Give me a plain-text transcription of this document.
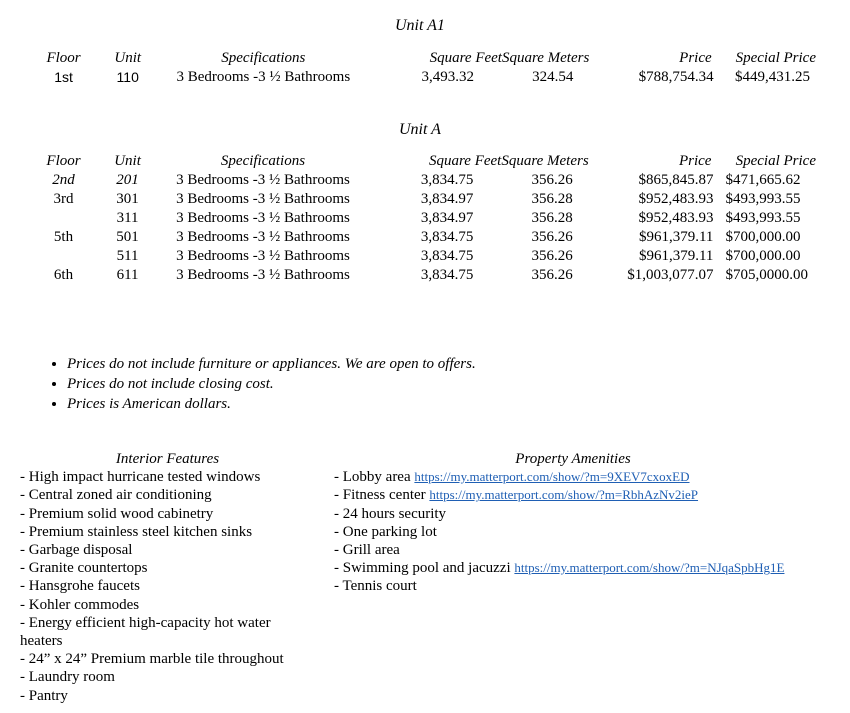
Unit A1
Floor	Unit	Specifications	Square Feet	Square Meters	Price	Special Price
1st	110	3 Bedrooms -3 ½ Bathrooms	3,493.32	324.54	$788,754.34	$449,431.25
Unit A
Floor	Unit	Specifications	Square Feet	Square Meters	Price	Special Price
2nd	201	3 Bedrooms -3 ½ Bathrooms	3,834.75	356.26	$865,845.87	$471,665.62
3rd	301	3 Bedrooms -3 ½ Bathrooms	3,834.97	356.28	$952,483.93	$493,993.55
	311	3 Bedrooms -3 ½ Bathrooms	3,834.97	356.28	$952,483.93	$493,993.55
5th	501	3 Bedrooms -3 ½ Bathrooms	3,834.75	356.26	$961,379.11	$700,000.00
	511	3 Bedrooms -3 ½ Bathrooms	3,834.75	356.26	$961,379.11	$700,000.00
6th	611	3 Bedrooms -3 ½ Bathrooms	3,834.75	356.26	$1,003,077.07	$705,0000.00
• Prices do not include furniture or appliances. We are open to offers.
• Prices do not include closing cost.
• Prices is American dollars.
Interior Features
- High impact hurricane tested windows
- Central zoned air conditioning
- Premium solid wood cabinetry
- Premium stainless steel kitchen sinks
- Garbage disposal
- Granite countertops
- Hansgrohe faucets
- Kohler commodes
- Energy efficient high-capacity hot water heaters
- 24” x 24” Premium marble tile throughout
- Laundry room
- Pantry
Property Amenities
- Lobby area https://my.matterport.com/show/?m=9XEV7cxoxED
- Fitness center https://my.matterport.com/show/?m=RbhAzNv2ieP
- 24 hours security
- One parking lot
- Grill area
- Swimming pool and jacuzzi https://my.matterport.com/show/?m=NJqaSpbHg1E
- Tennis court
